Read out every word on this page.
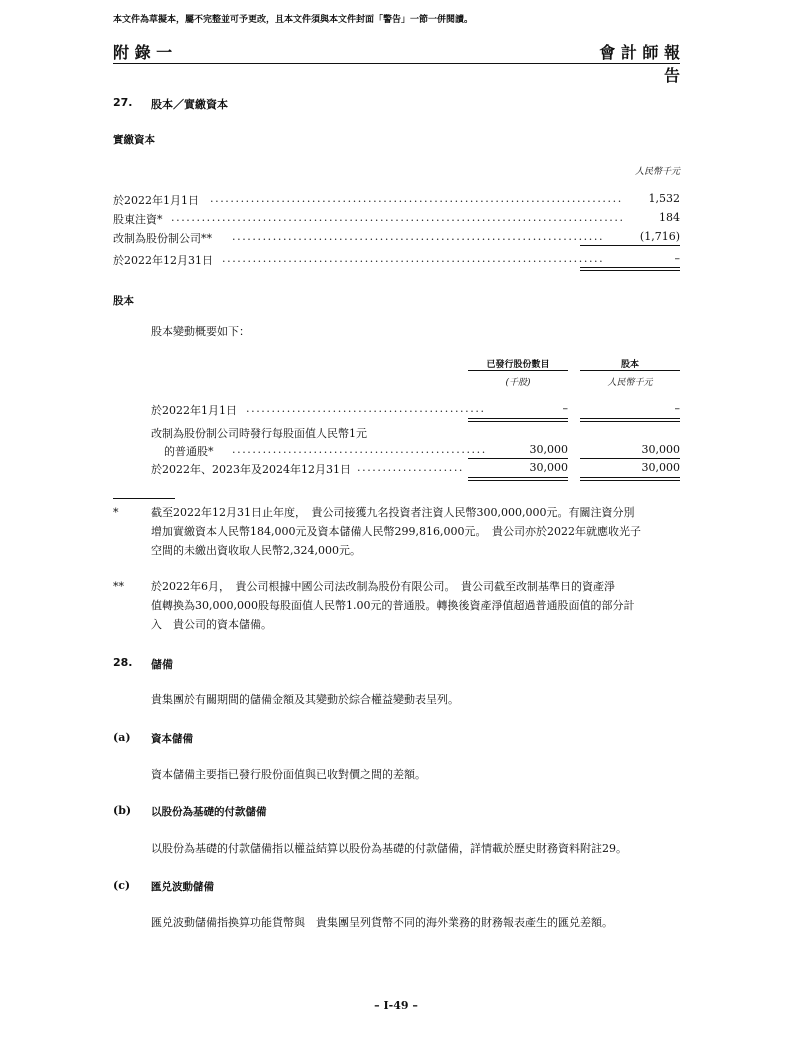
本文件為草擬本，屬不完整並可予更改，且本文件須與本文件封面「警告」一節一併閱讀。
附 錄 一	會 計 師 報 告
27. 股本／實繳資本
實繳資本
人民幣千元
於2022年1月1日 .................................................................................	1,532
股東注資* .........................................................................................	184
改制為股份制公司** .........................................................................	(1,716)
於2022年12月31日 ...........................................................................	–
股本
股本變動概要如下：
已發行股份數目	股本
(千股)	人民幣千元
於2022年1月1日 ...............................................	–	–
改制為股份制公司時發行每股面值人民幣1元
的普通股* ..................................................	30,000	30,000
於2022年、2023年及2024年12月31日 .....................	30,000	30,000
*	截至2022年12月31日止年度，　貴公司接獲九名投資者注資人民幣300,000,000元。有關注資分別
增加實繳資本人民幣184,000元及資本儲備人民幣299,816,000元。　貴公司亦於2022年就應收光子
空間的未繳出資收取人民幣2,324,000元。
** 於2022年6月，　貴公司根據中國公司法改制為股份有限公司。　貴公司截至改制基準日的資產淨
值轉換為30,000,000股每股面值人民幣1.00元的普通股。轉換後資產淨值超過普通股面值的部分計
入　貴公司的資本儲備。
28. 儲備
貴集團於有關期間的儲備金額及其變動於綜合權益變動表呈列。
(a) 資本儲備
資本儲備主要指已發行股份面值與已收對價之間的差額。
(b) 以股份為基礎的付款儲備
以股份為基礎的付款儲備指以權益結算以股份為基礎的付款儲備，詳情載於歷史財務資料附註29。
(c) 匯兑波動儲備
匯兑波動儲備指換算功能貨幣與　貴集團呈列貨幣不同的海外業務的財務報表產生的匯兑差額。
– I-49 –
